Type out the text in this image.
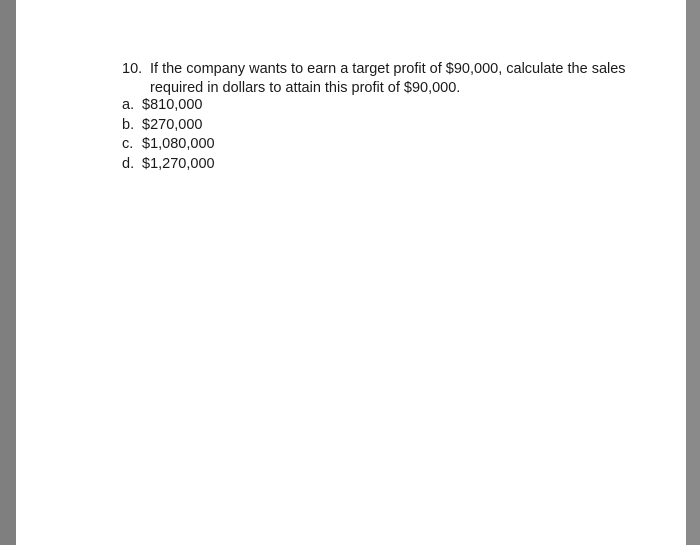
10. If the company wants to earn a target profit of $90,000, calculate the sales required in dollars to attain this profit of $90,000.
a. $810,000
b. $270,000
c. $1,080,000
d. $1,270,000
